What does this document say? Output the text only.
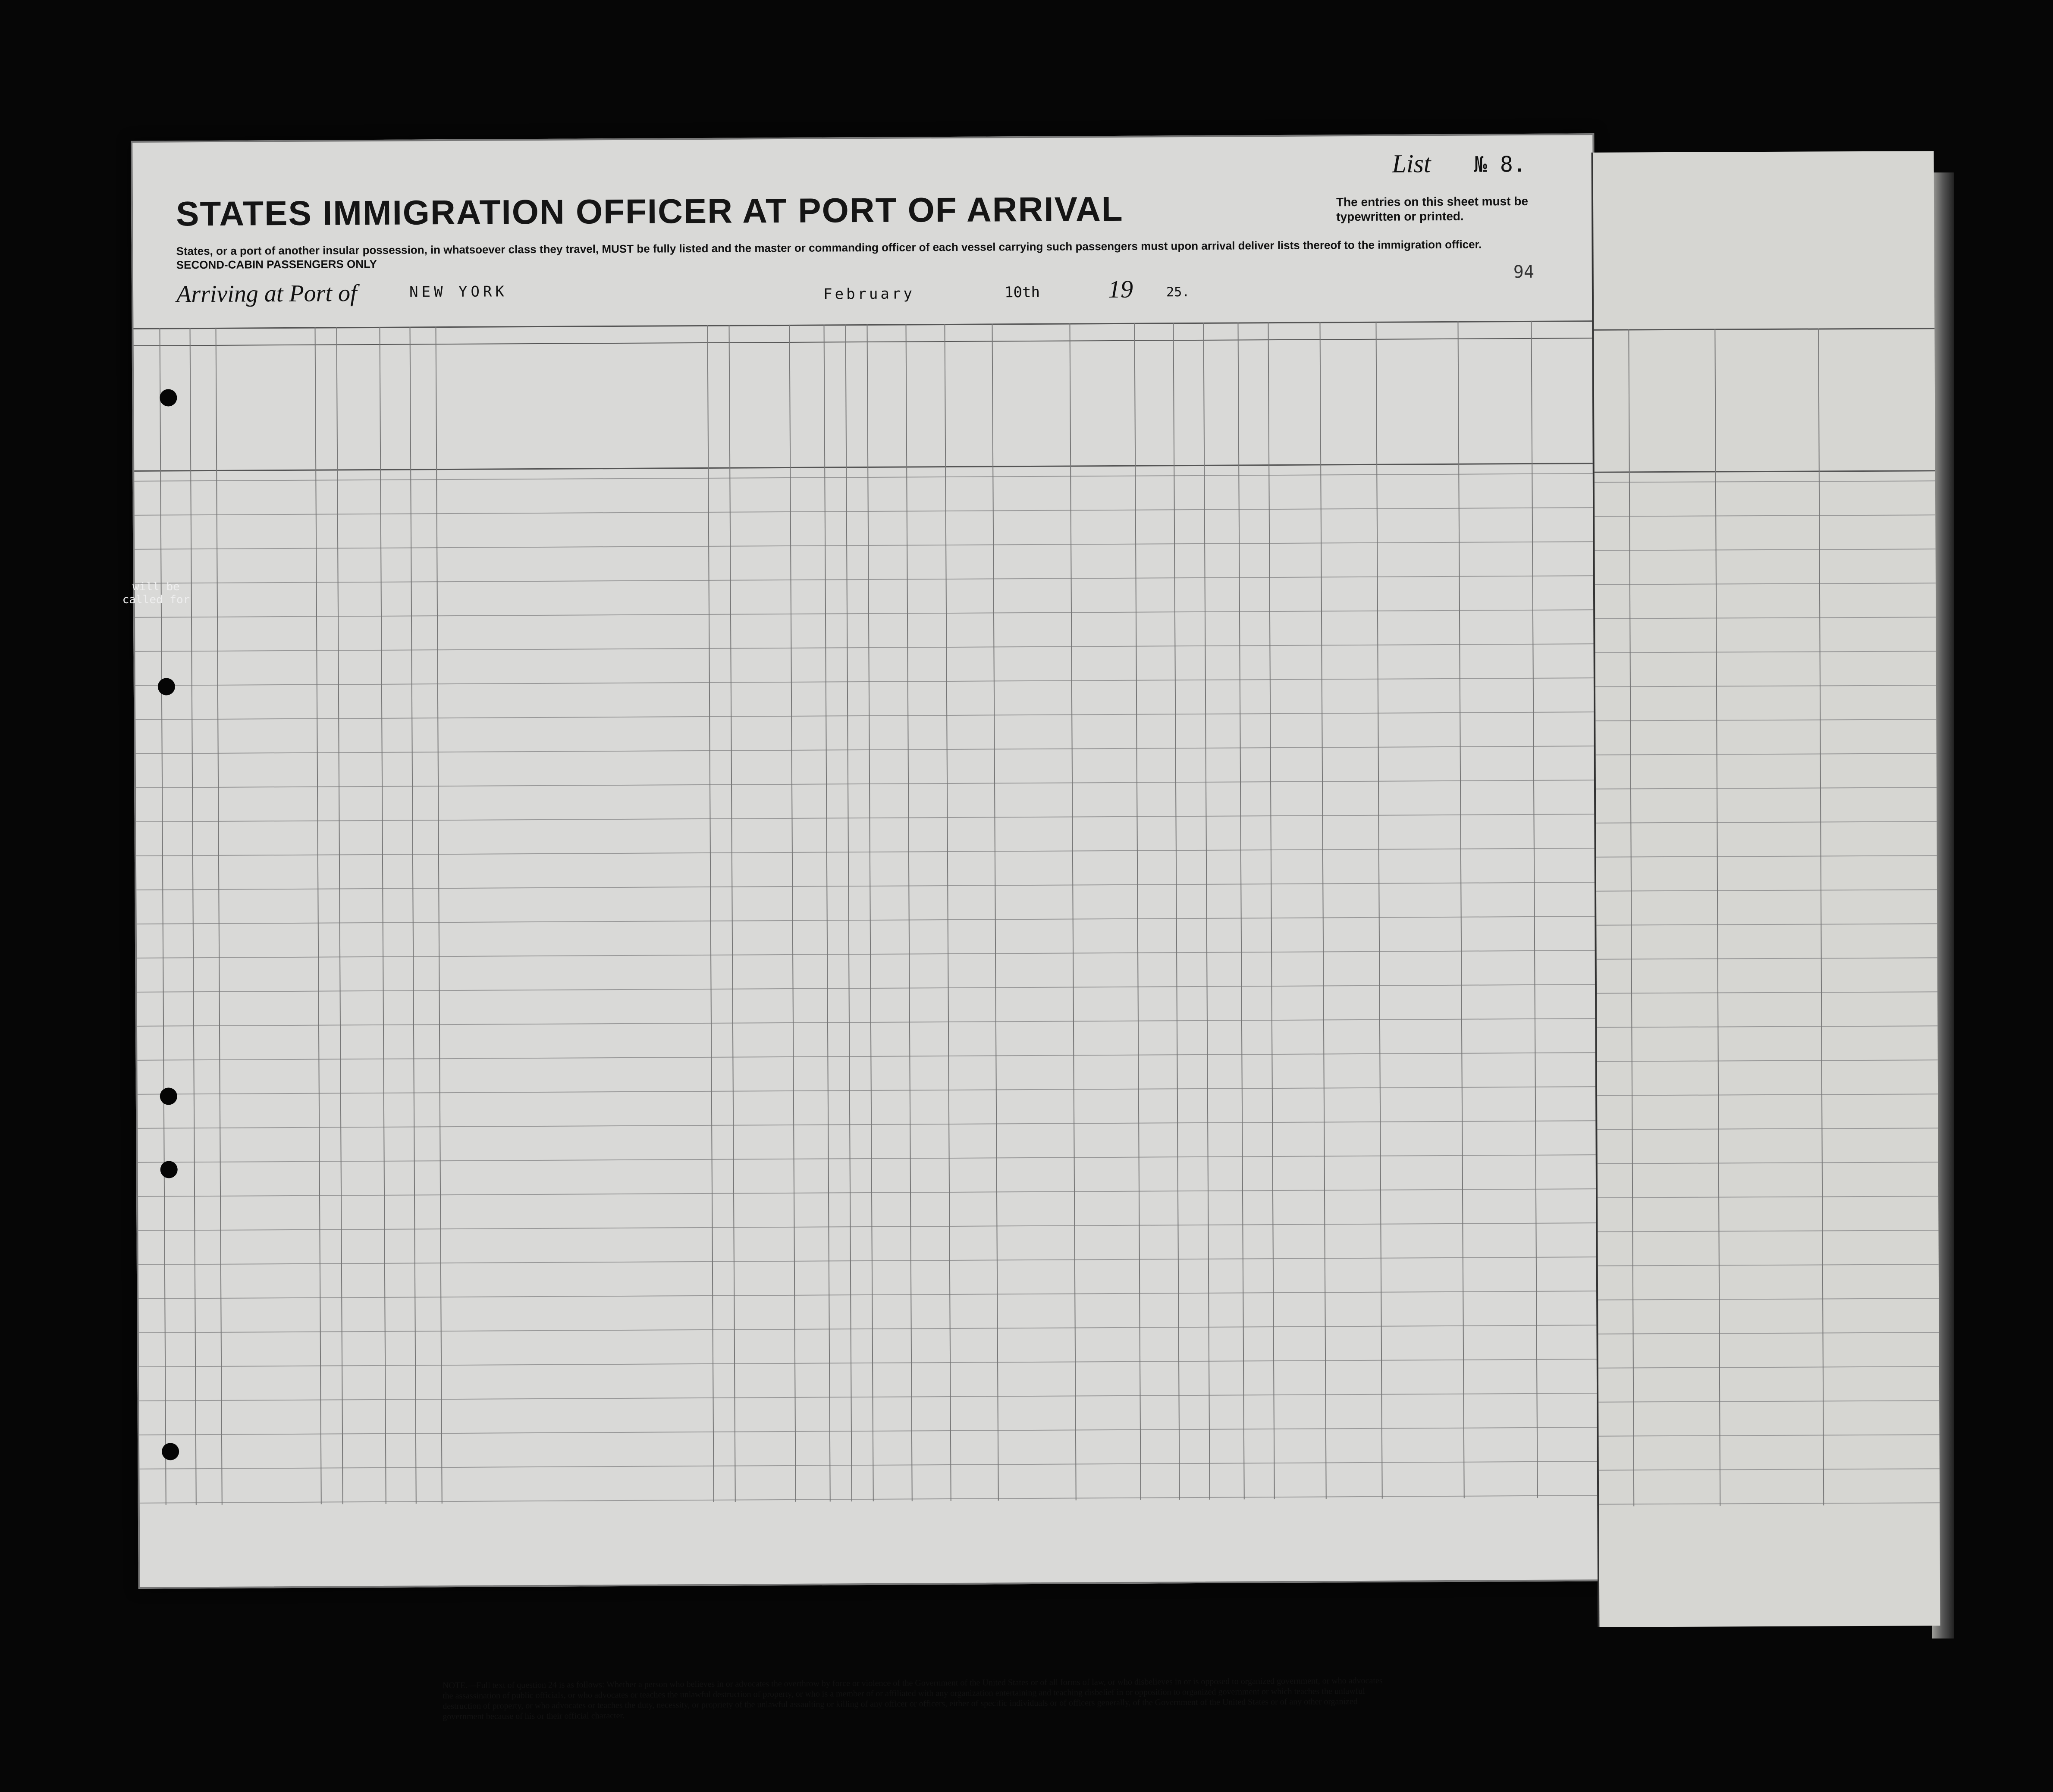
List № 8.
STATES IMMIGRATION OFFICER AT PORT OF ARRIVAL	The entries on this sheet must be typewritten or printed.
States, or a port of another insular possession, in whatsoever class they travel, MUST be fully listed and the master or commanding officer of each vessel carrying such passengers must upon arrival deliver lists thereof to the immigration officer.
SECOND-CABIN PASSENGERS ONLY
Arriving at Port of	NEW YORK	February	10th	19	25.
94
NOTE.—Full text of question 24 is as follows: Whether a person who believes in or advocates the overthrow by force or violence of the Government of the United States or of all forms of law, or who disbelieves in or is opposed to organized government, or who advocates the assassination of public officials, or who advocates or teaches the unlawful destruction of property, or who is a member of or affiliated with any organization entertaining and teaching disbelief in or opposition to organized government or which teaches the unlawful destruction of property, or who advocates or teaches the duty, necessity, or propriety of the unlawful assaulting or killing of any officer or officers, either of specific individuals or of officers generally, of the Government of the United States or of any other organized government because of his or their official character.
will be called for
